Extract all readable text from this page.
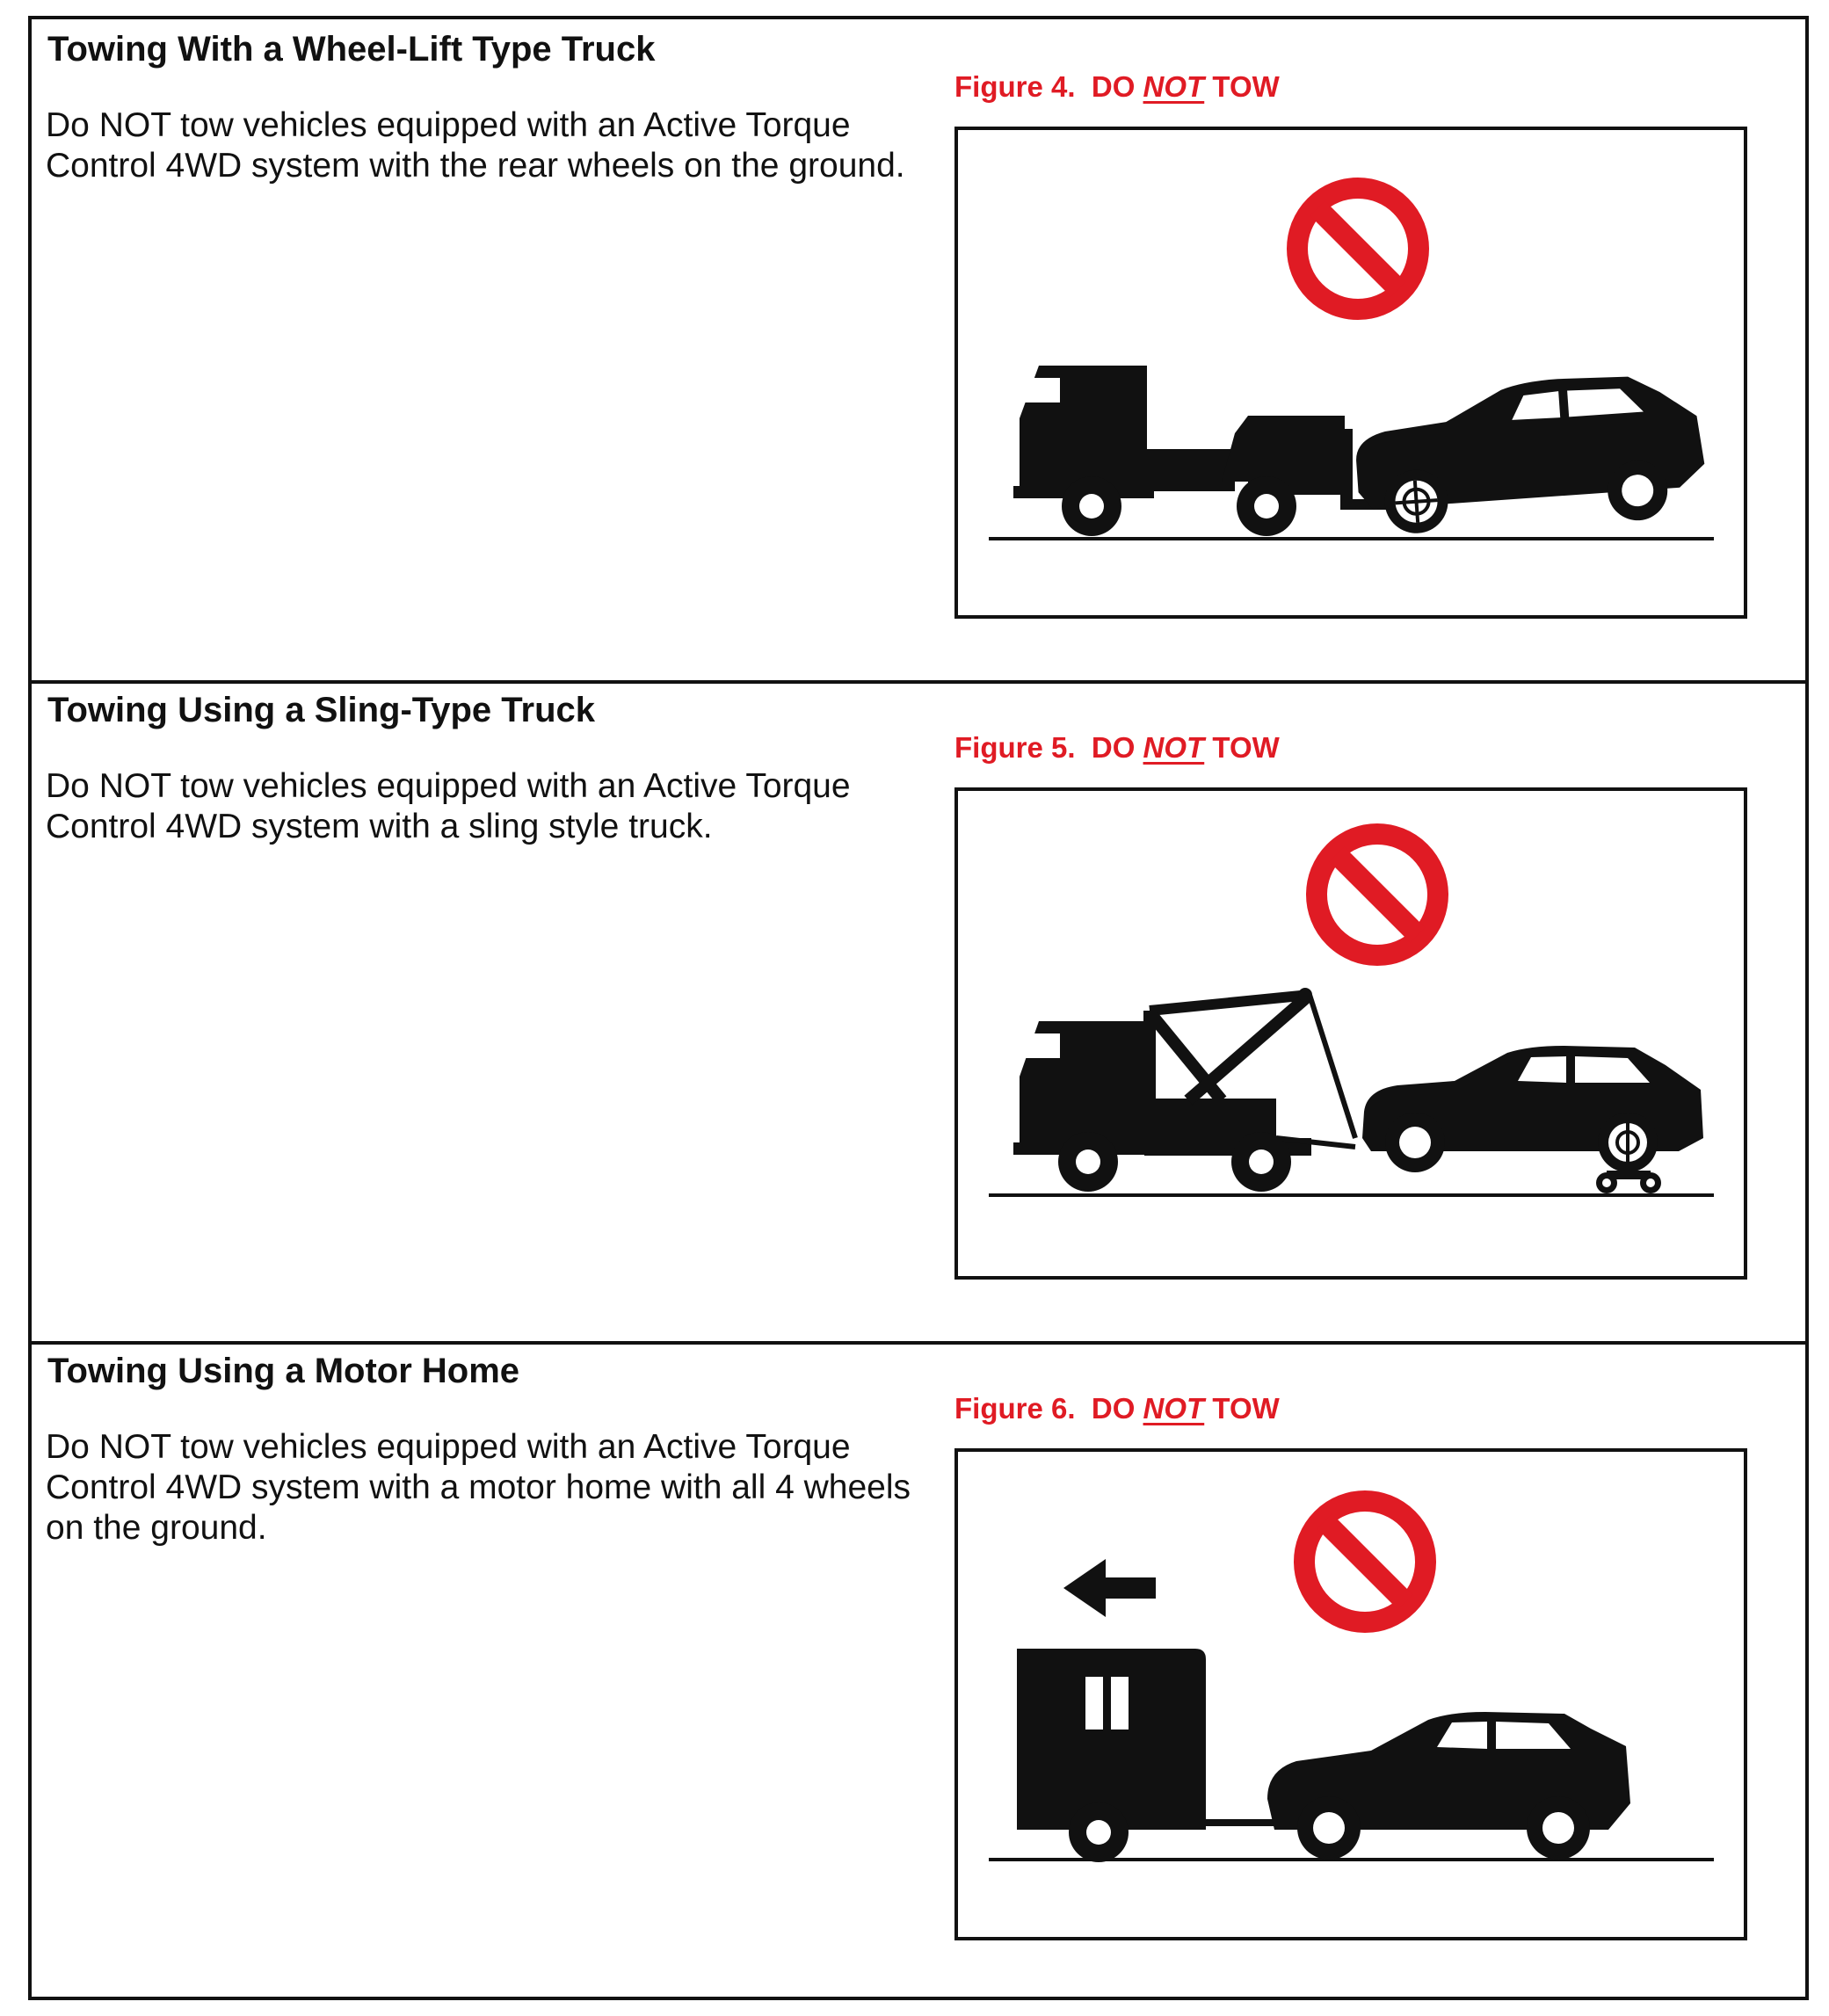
Towing With a Wheel-Lift Type Truck

Do NOT tow vehicles equipped with an Active Torque Control 4WD system with the rear wheels on the ground.

Figure 4. DO NOT TOW
Towing Using a Sling-Type Truck

Do NOT tow vehicles equipped with an Active Torque Control 4WD system with a sling style truck.

Figure 5. DO NOT TOW
Towing Using a Motor Home

Do NOT tow vehicles equipped with an Active Torque Control 4WD system with a motor home with all 4 wheels on the ground.

Figure 6. DO NOT TOW
